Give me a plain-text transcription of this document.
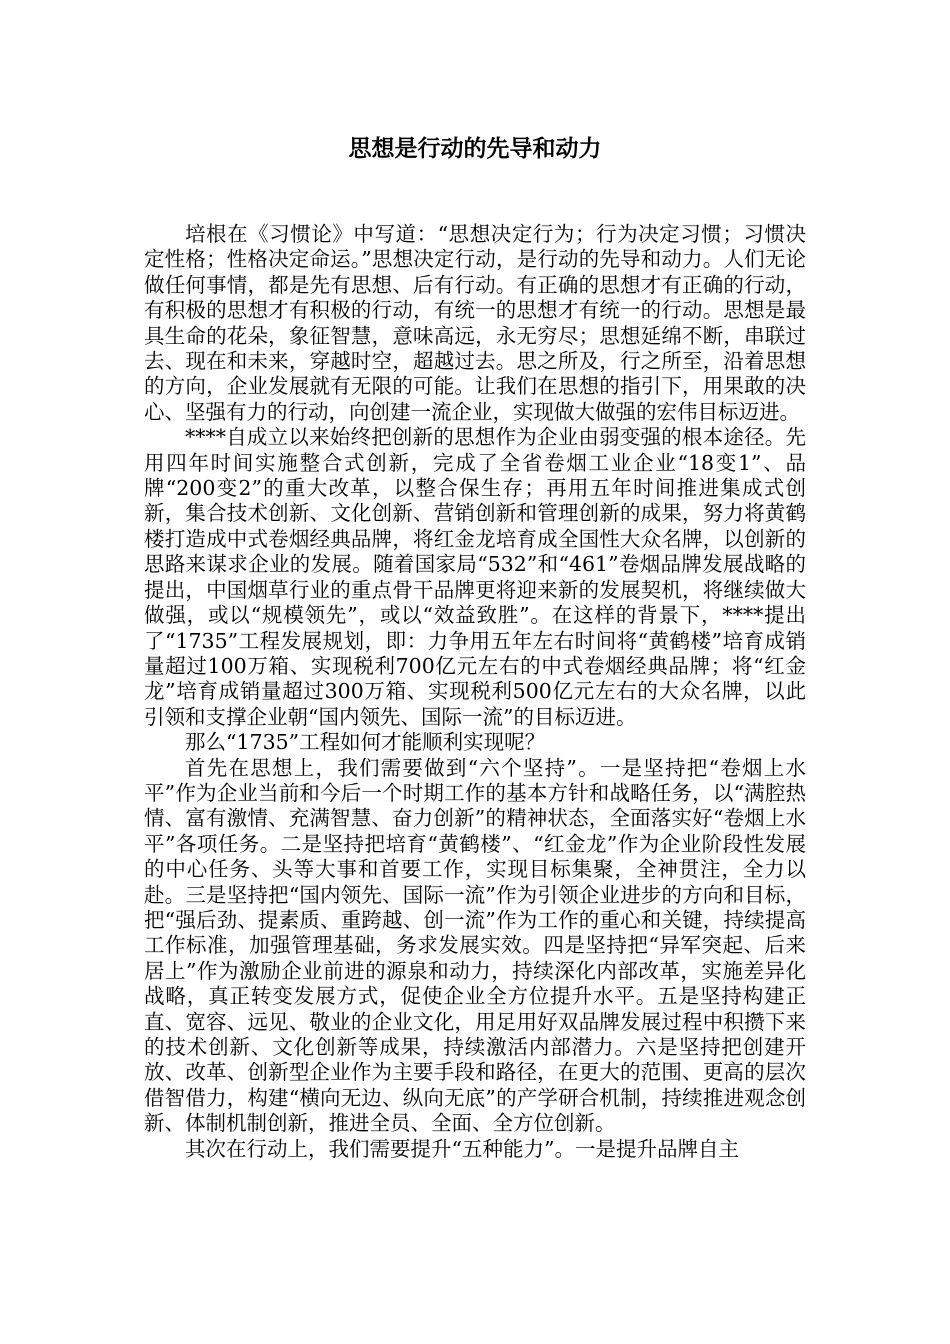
思想是行动的先导和动力

培根在《习惯论》中写道：“思想决定行为；行为决定习惯；习惯决定性格；性格决定命运。”思想决定行动，是行动的先导和动力。人们无论做任何事情，都是先有思想、后有行动。有正确的思想才有正确的行动，有积极的思想才有积极的行动，有统一的思想才有统一的行动。思想是最具生命的花朵，象征智慧，意味高远，永无穷尽；思想延绵不断，串联过去、现在和未来，穿越时空，超越过去。思之所及，行之所至，沿着思想的方向，企业发展就有无限的可能。让我们在思想的指引下，用果敢的决心、坚强有力的行动，向创建一流企业，实现做大做强的宏伟目标迈进。

****自成立以来始终把创新的思想作为企业由弱变强的根本途径。先用四年时间实施整合式创新，完成了全省卷烟工业企业“18变1”、品牌“200变2”的重大改革，以整合保生存；再用五年时间推进集成式创新，集合技术创新、文化创新、营销创新和管理创新的成果，努力将黄鹤楼打造成中式卷烟经典品牌，将红金龙培育成全国性大众名牌，以创新的思路来谋求企业的发展。随着国家局“532”和“461”卷烟品牌发展战略的提出，中国烟草行业的重点骨干品牌更将迎来新的发展契机，将继续做大做强，或以“规模领先”，或以“效益致胜”。在这样的背景下，****提出了“1735”工程发展规划，即：力争用五年左右时间将“黄鹤楼”培育成销量超过100万箱、实现税利700亿元左右的中式卷烟经典品牌；将“红金龙”培育成销量超过300万箱、实现税利500亿元左右的大众名牌，以此引领和支撑企业朝“国内领先、国际一流”的目标迈进。

那么“1735”工程如何才能顺利实现呢？

首先在思想上，我们需要做到“六个坚持”。一是坚持把“卷烟上水平”作为企业当前和今后一个时期工作的基本方针和战略任务，以“满腔热情、富有激情、充满智慧、奋力创新”的精神状态，全面落实好“卷烟上水平”各项任务。二是坚持把培育“黄鹤楼”、“红金龙”作为企业阶段性发展的中心任务、头等大事和首要工作，实现目标集聚，全神贯注，全力以赴。三是坚持把“国内领先、国际一流”作为引领企业进步的方向和目标，把“强后劲、提素质、重跨越、创一流”作为工作的重心和关键，持续提高工作标准，加强管理基础，务求发展实效。四是坚持把“异军突起、后来居上”作为激励企业前进的源泉和动力，持续深化内部改革，实施差异化战略，真正转变发展方式，促使企业全方位提升水平。五是坚持构建正直、宽容、远见、敬业的企业文化，用足用好双品牌发展过程中积攒下来的技术创新、文化创新等成果，持续激活内部潜力。六是坚持把创建开放、改革、创新型企业作为主要手段和路径，在更大的范围、更高的层次借智借力，构建“横向无边、纵向无底”的产学研合机制，持续推进观念创新、体制机制创新，推进全员、全面、全方位创新。

其次在行动上，我们需要提升“五种能力”。一是提升品牌自主
